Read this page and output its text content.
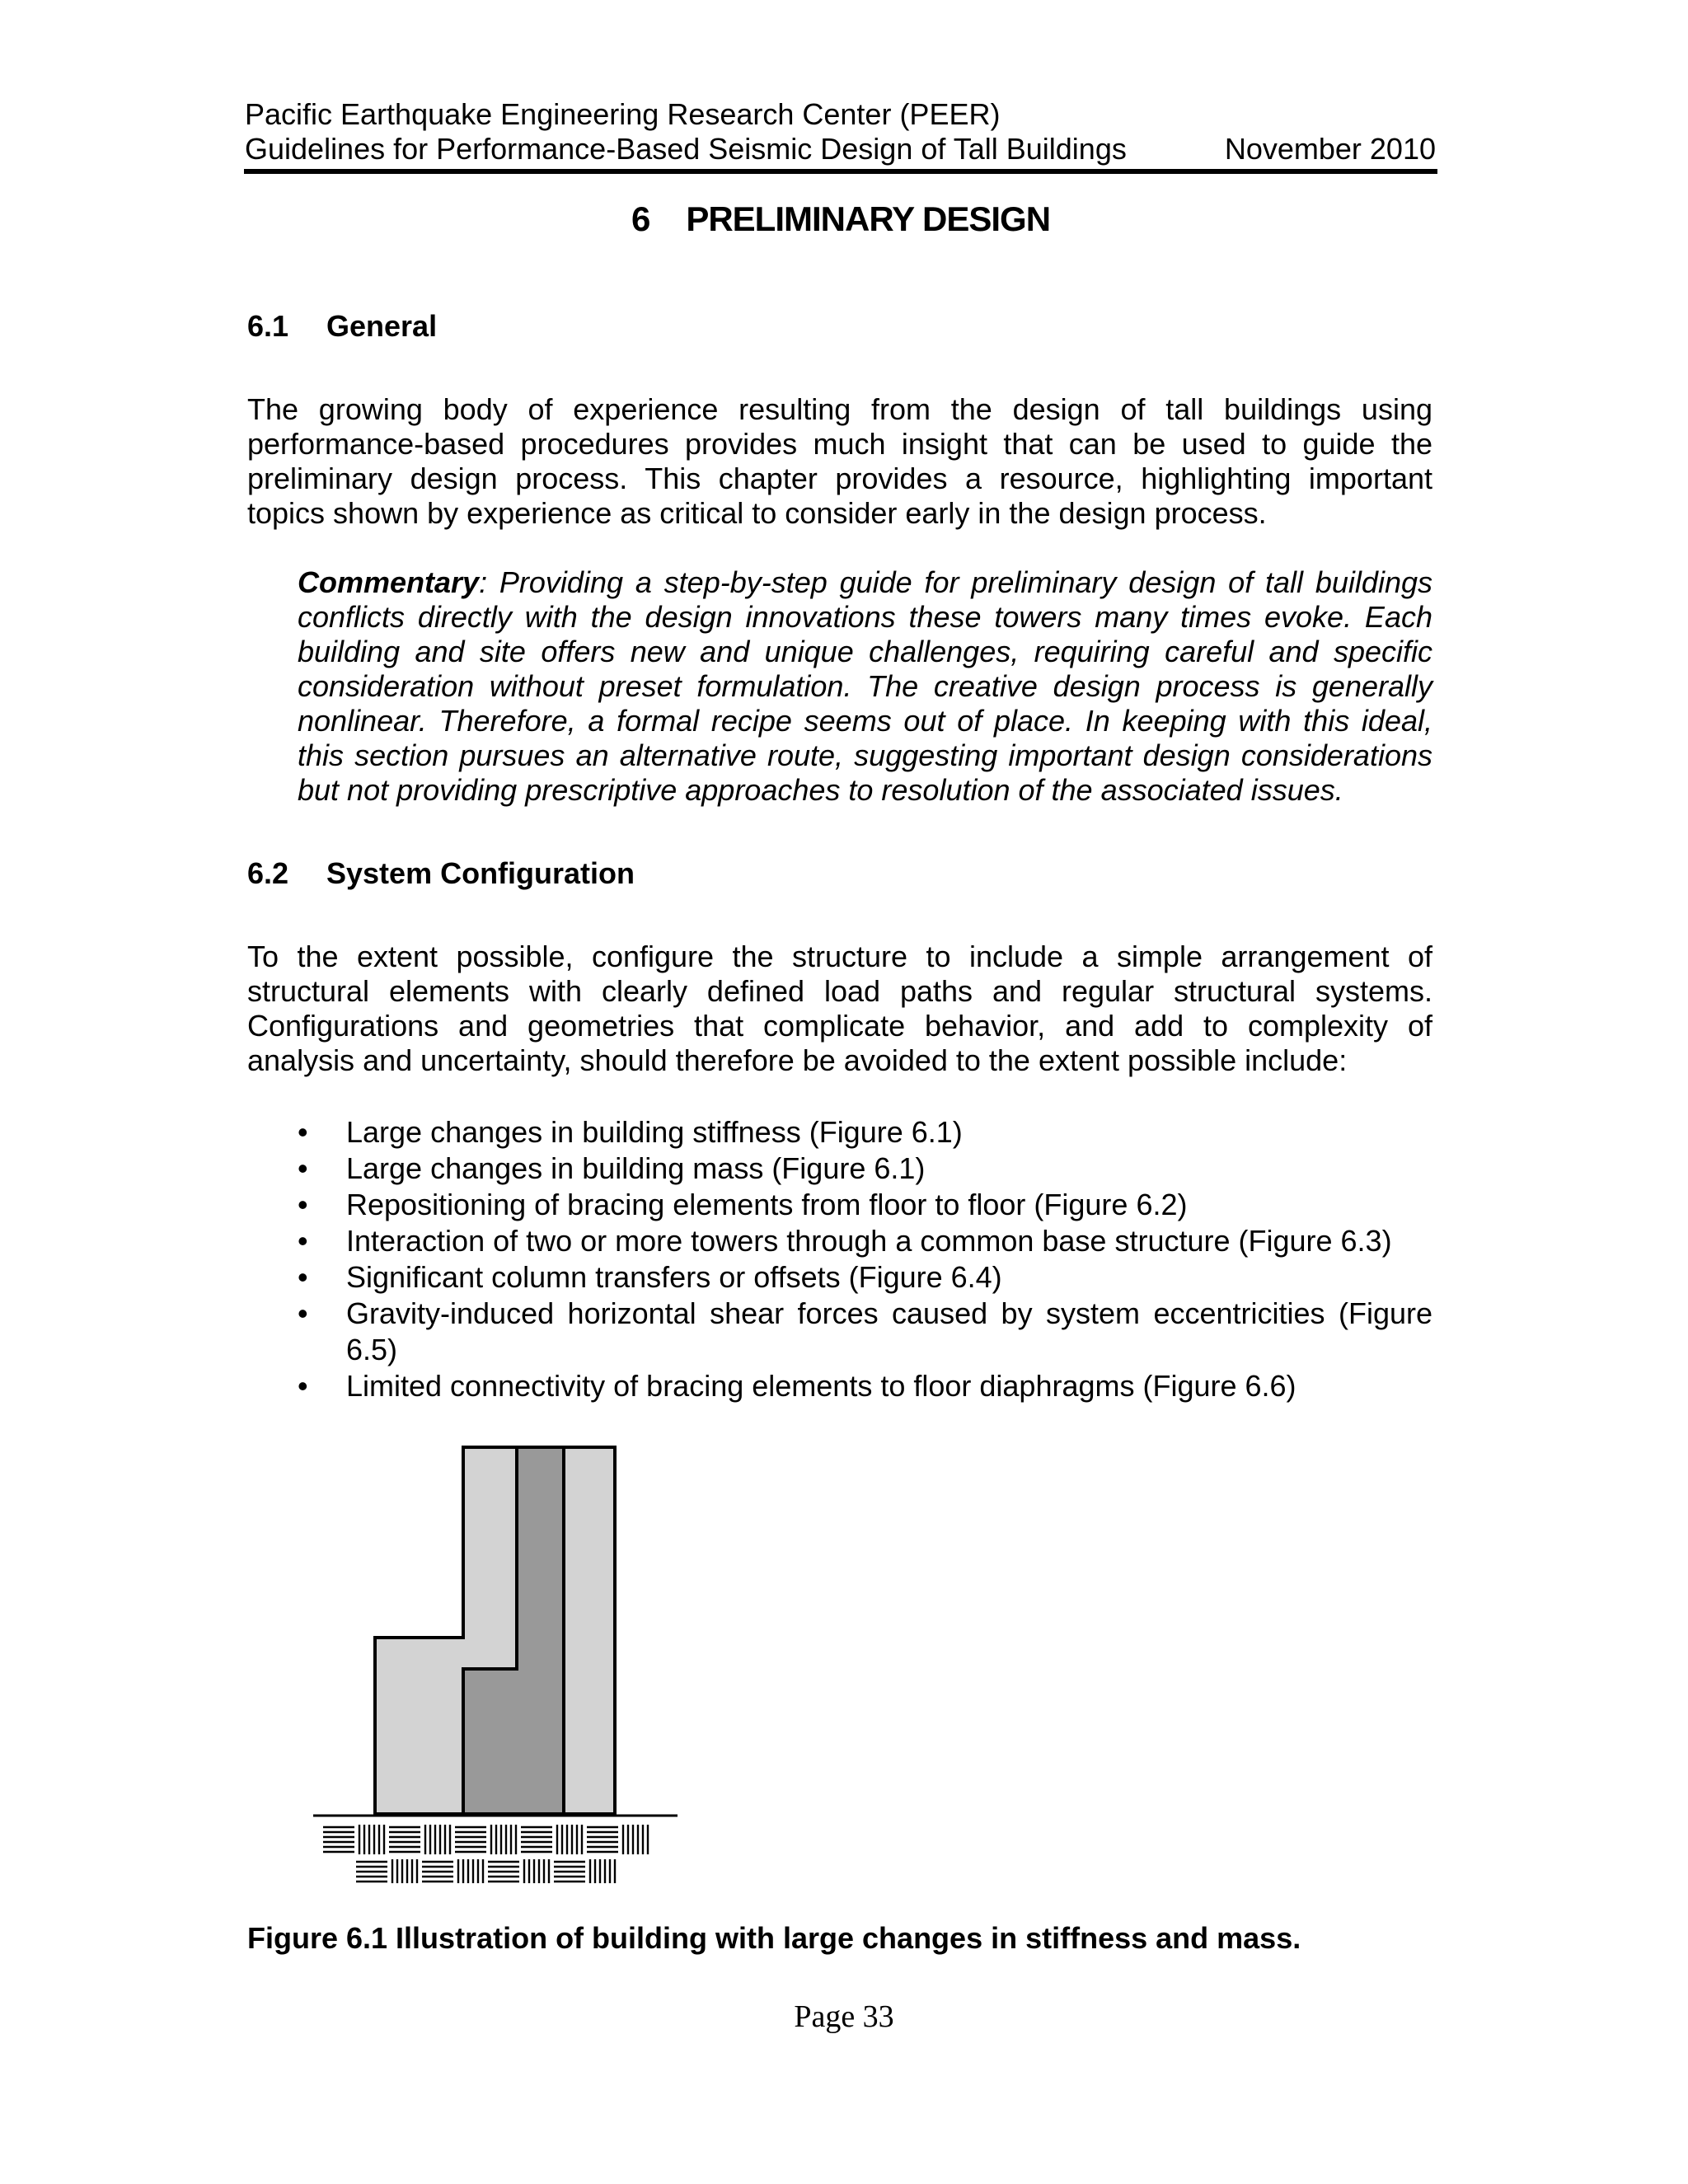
Pacific Earthquake Engineering Research Center (PEER)
Guidelines for Performance-Based Seismic Design of Tall Buildings	November 2010
6 PRELIMINARY DESIGN
6.1 General
The growing body of experience resulting from the design of tall buildings using performance-based procedures provides much insight that can be used to guide the preliminary design process. This chapter provides a resource, highlighting important topics shown by experience as critical to consider early in the design process.
Commentary: Providing a step-by-step guide for preliminary design of tall buildings conflicts directly with the design innovations these towers many times evoke. Each building and site offers new and unique challenges, requiring careful and specific consideration without preset formulation. The creative design process is generally nonlinear. Therefore, a formal recipe seems out of place. In keeping with this ideal, this section pursues an alternative route, suggesting important design considerations but not providing prescriptive approaches to resolution of the associated issues.
6.2 System Configuration
To the extent possible, configure the structure to include a simple arrangement of structural elements with clearly defined load paths and regular structural systems. Configurations and geometries that complicate behavior, and add to complexity of analysis and uncertainty, should therefore be avoided to the extent possible include:
• Large changes in building stiffness (Figure 6.1)
• Large changes in building mass (Figure 6.1)
• Repositioning of bracing elements from floor to floor (Figure 6.2)
• Interaction of two or more towers through a common base structure (Figure 6.3)
• Significant column transfers or offsets (Figure 6.4)
• Gravity-induced horizontal shear forces caused by system eccentricities (Figure 6.5)
• Limited connectivity of bracing elements to floor diaphragms (Figure 6.6)
Figure 6.1 Illustration of building with large changes in stiffness and mass.
Page 33
